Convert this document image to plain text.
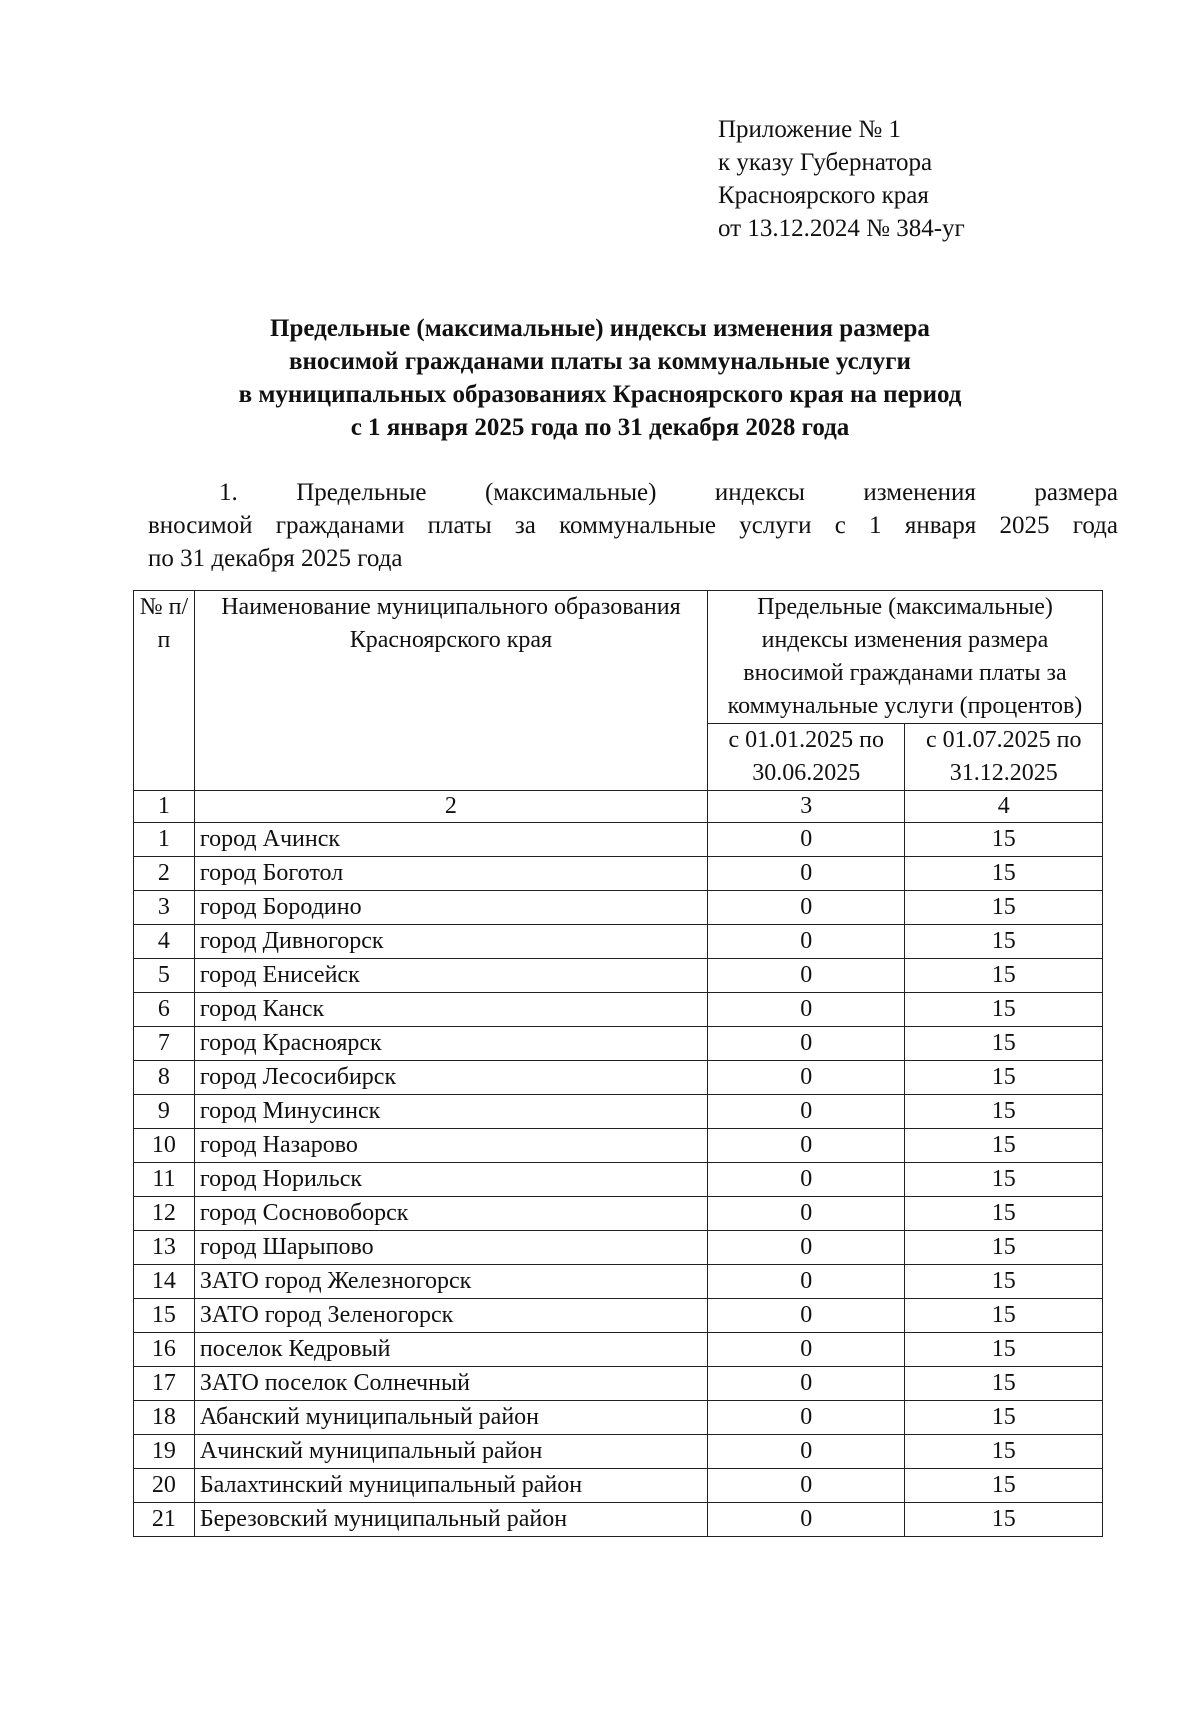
Приложение № 1
к указу Губернатора
Красноярского края
от 13.12.2024 № 384-уг
Предельные (максимальные) индексы изменения размера
вносимой гражданами платы за коммунальные услуги
в муниципальных образованиях Красноярского края на период
с 1 января 2025 года по 31 декабря 2028 года
1. Предельные (максимальные) индексы изменения размера
вносимой гражданами платы за коммунальные услуги с 1 января 2025 года
по 31 декабря 2025 года
№ п/п	Наименование муниципального образования Красноярского края	Предельные (максимальные) индексы изменения размера вносимой гражданами платы за коммунальные услуги (процентов)	
		с 01.01.2025 по 30.06.2025	с 01.07.2025 по 31.12.2025
1	2	3	4
1	город Ачинск	0	15
2	город Боготол	0	15
3	город Бородино	0	15
4	город Дивногорск	0	15
5	город Енисейск	0	15
6	город Канск	0	15
7	город Красноярск	0	15
8	город Лесосибирск	0	15
9	город Минусинск	0	15
10	город Назарово	0	15
11	город Норильск	0	15
12	город Сосновоборск	0	15
13	город Шарыпово	0	15
14	ЗАТО город Железногорск	0	15
15	ЗАТО город Зеленогорск	0	15
16	поселок Кедровый	0	15
17	ЗАТО поселок Солнечный	0	15
18	Абанский муниципальный район	0	15
19	Ачинский муниципальный район	0	15
20	Балахтинский муниципальный район	0	15
21	Березовский муниципальный район	0	15
